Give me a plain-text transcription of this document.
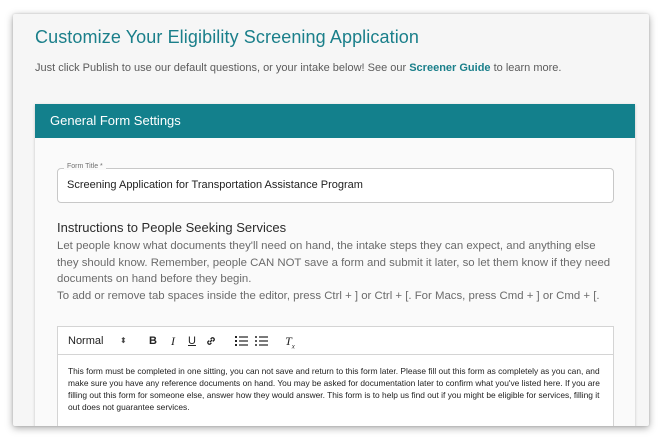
Customize Your Eligibility Screening Application
Just click Publish to use our default questions, or your intake below! See our Screener Guide to learn more.
General Form Settings
Form Title *
Screening Application for Transportation Assistance Program
Instructions to People Seeking Services

Let people know what documents they'll need on hand, the intake steps they can expect, and anything else they should know. Remember, people CAN NOT save a form and submit it later, so let them know if they need documents on hand before they begin.

To add or remove tab spaces inside the editor, press Ctrl + ] or Ctrl + [. For Macs, press Cmd + ] or Cmd + [.

Normal ⬍ B	I	U	$T_x$
This form must be completed in one sitting, you can not save and return to this form later. Please fill out this form as completely as you can, and make sure you have any reference documents on hand. You may be asked for documentation later to confirm what you've listed here. If you are filling out this form for someone else, answer how they would answer. This form is to help us find out if you might be eligible for services, filling it out does not guarantee services.
